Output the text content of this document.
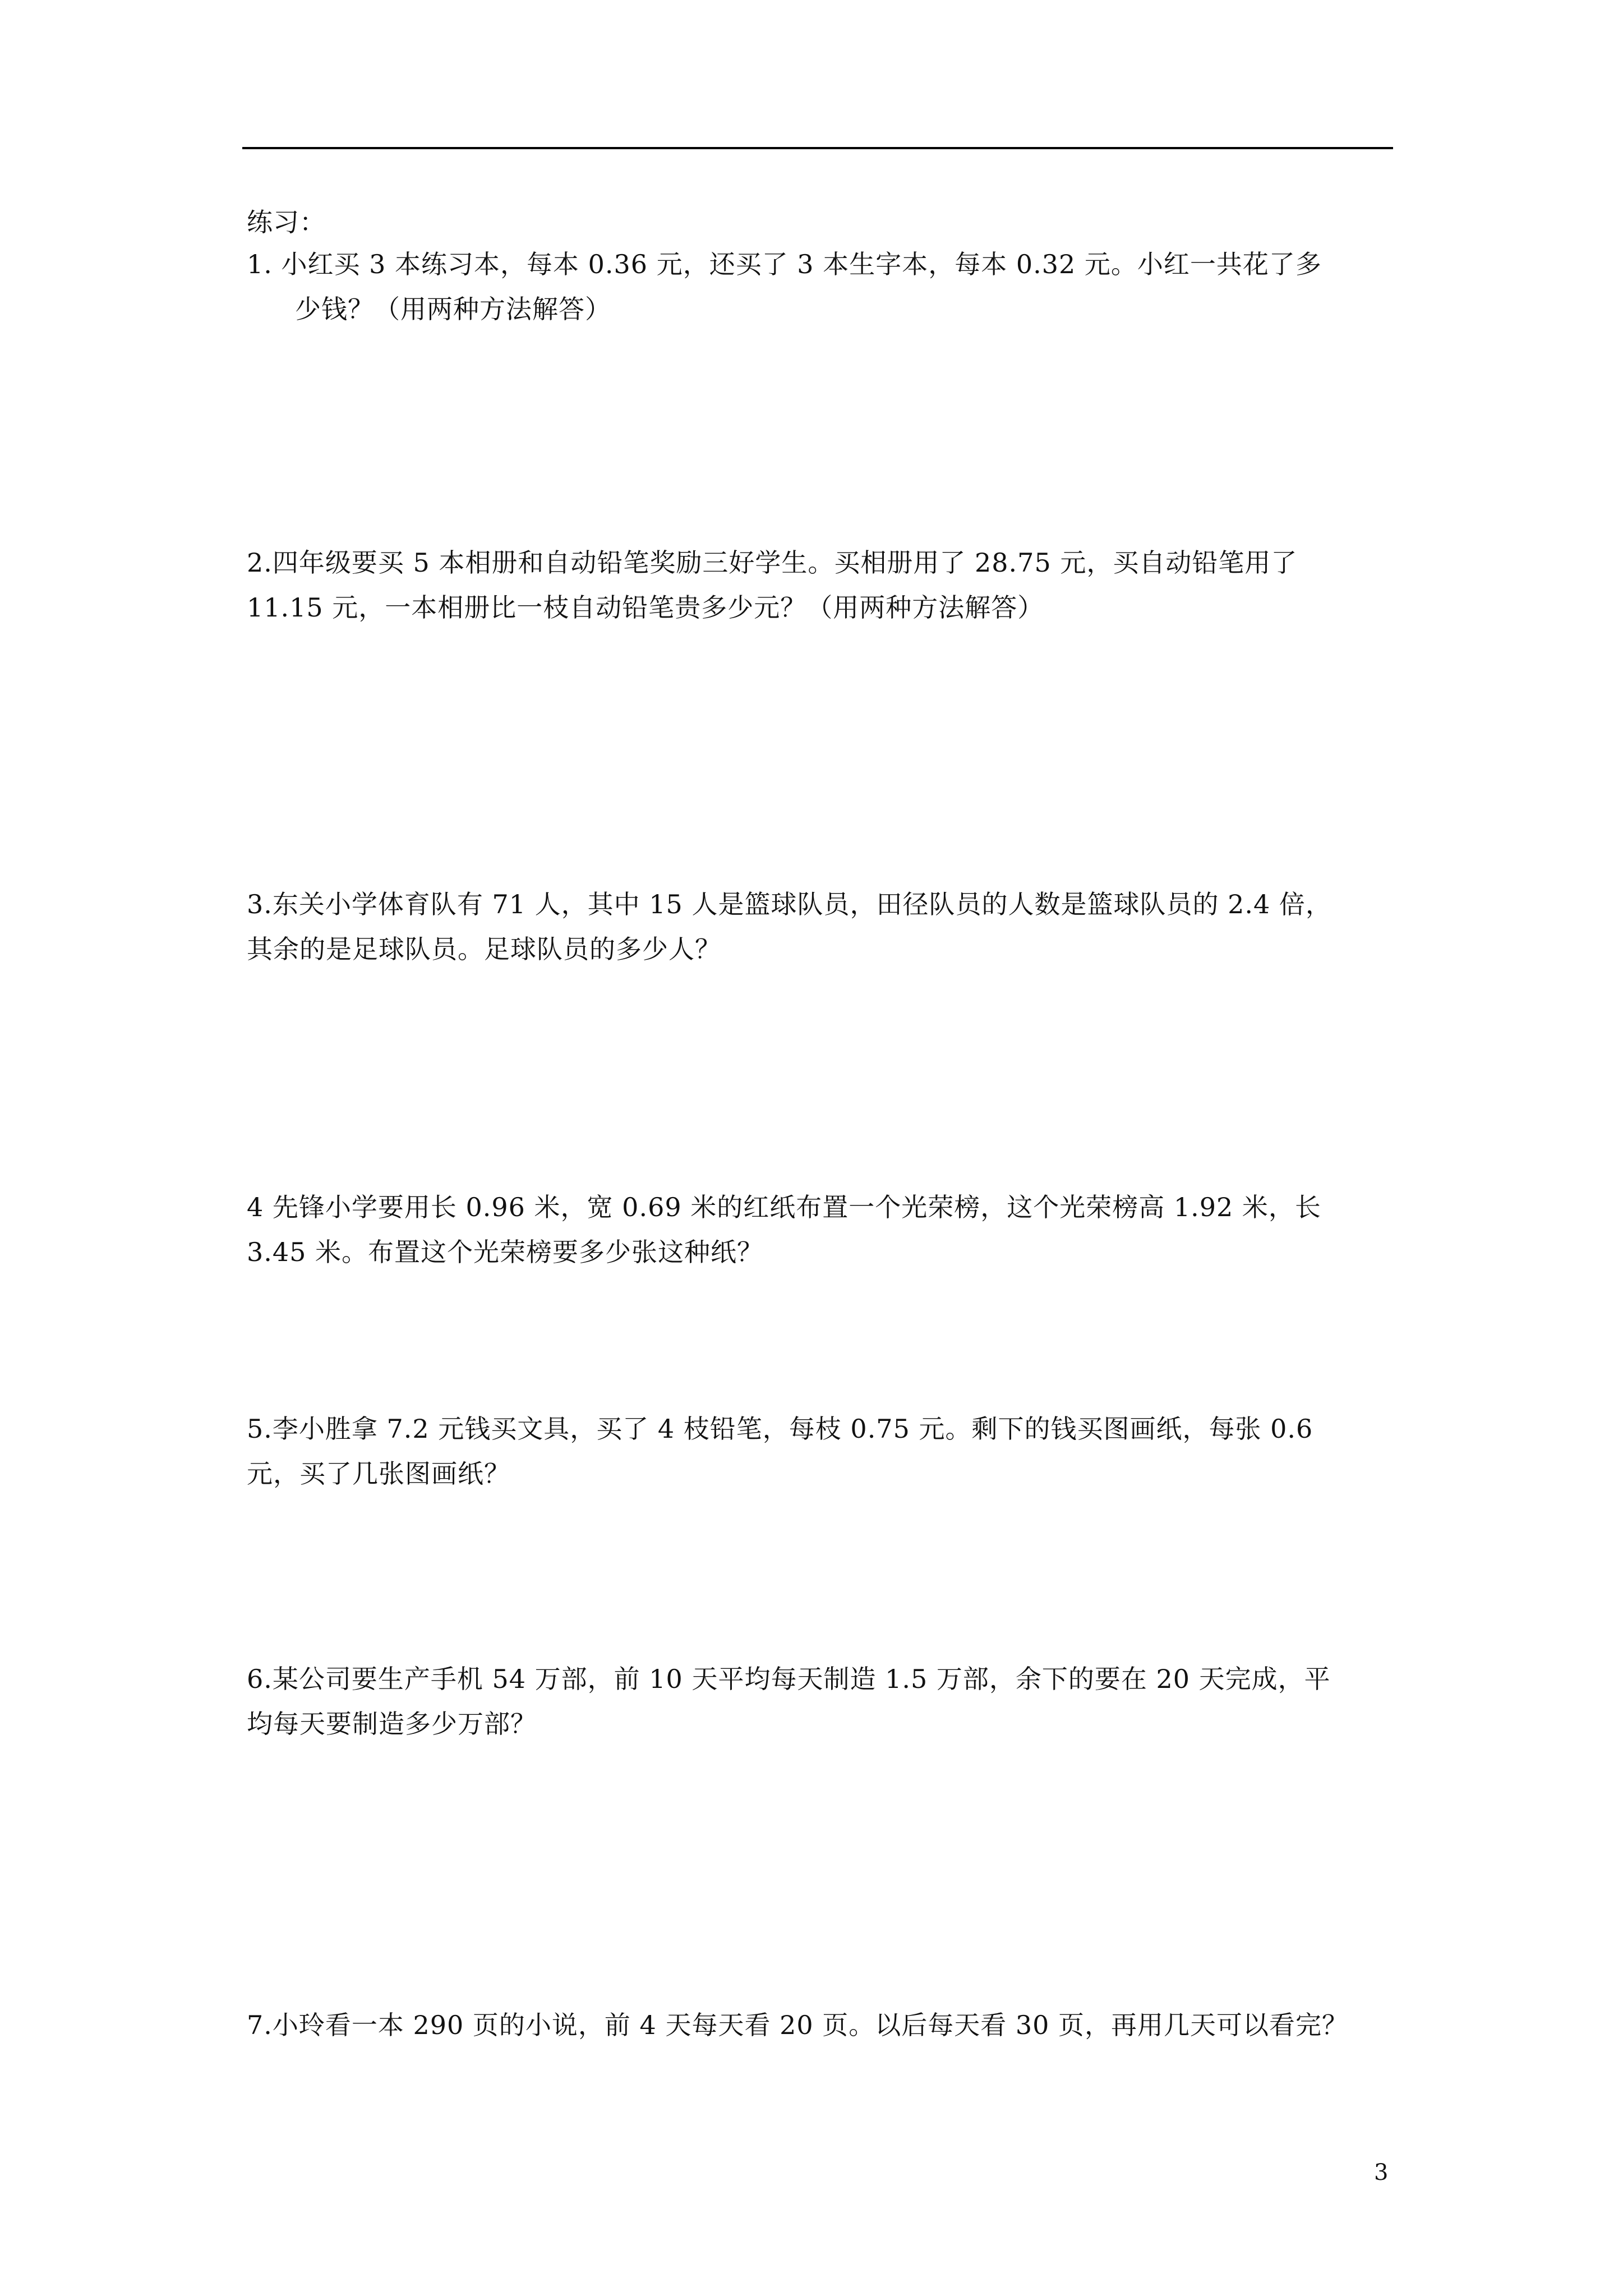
练习：
1. 小红买 3 本练习本，每本 0.36 元，还买了 3 本生字本，每本 0.32 元。小红一共花了多
少钱？（用两种方法解答）
2.四年级要买 5 本相册和自动铅笔奖励三好学生。买相册用了 28.75 元，买自动铅笔用了
11.15 元，一本相册比一枝自动铅笔贵多少元？（用两种方法解答）
3.东关小学体育队有 71 人，其中 15 人是篮球队员，田径队员的人数是篮球队员的 2.4 倍，
其余的是足球队员。足球队员的多少人？
4 先锋小学要用长 0.96 米，宽 0.69 米的红纸布置一个光荣榜，这个光荣榜高 1.92 米，长
3.45 米。布置这个光荣榜要多少张这种纸？
5.李小胜拿 7.2 元钱买文具，买了 4 枝铅笔，每枝 0.75 元。剩下的钱买图画纸，每张 0.6
元，买了几张图画纸？
6.某公司要生产手机 54 万部，前 10 天平均每天制造 1.5 万部，余下的要在 20 天完成，平
均每天要制造多少万部？
7.小玲看一本 290 页的小说，前 4 天每天看 20 页。以后每天看 30 页，再用几天可以看完？
3
